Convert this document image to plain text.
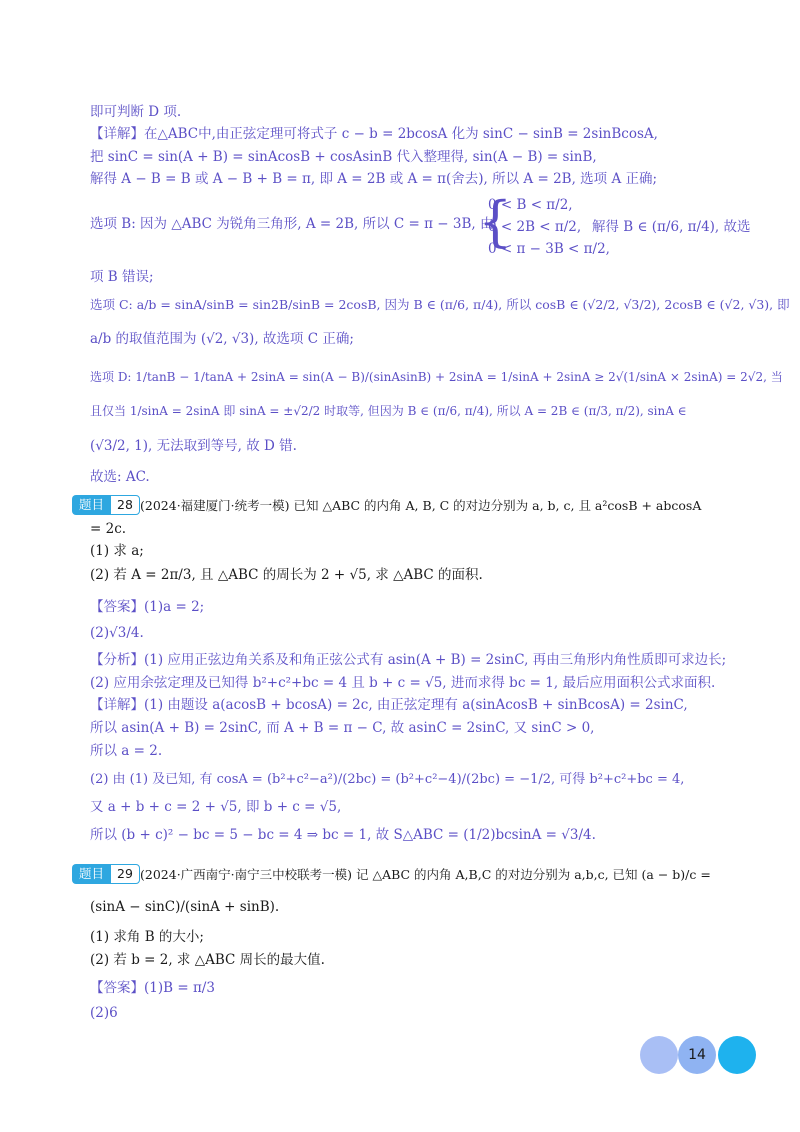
即可判断 D 项.
【详解】在△ABC中,由正弦定理可将式子 c − b = 2bcosA 化为 sinC − sinB = 2sinBcosA,
把 sinC = sin(A + B) = sinAcosB + cosAsinB 代入整理得, sin(A − B) = sinB,
解得 A − B = B 或 A − B + B = π, 即 A = 2B 或 A = π(舍去), 所以 A = 2B, 选项 A 正确;
选项 B: 因为 △ABC 为锐角三角形, A = 2B, 所以 C = π − 3B, 由
{
0 < B < π/2,
0 < 2B < π/2,
0 < π − 3B < π/2,
解得 B ∈ (π/6, π/4), 故选
项 B 错误;
选项 C: a/b = sinA/sinB = sin2B/sinB = 2cosB, 因为 B ∈ (π/6, π/4), 所以 cosB ∈ (√2/2, √3/2), 2cosB ∈ (√2, √3), 即
a/b 的取值范围为 (√2, √3), 故选项 C 正确;
选项 D: 1/tanB − 1/tanA + 2sinA = sin(A − B)/(sinAsinB) + 2sinA = 1/sinA + 2sinA ≥ 2√(1/sinA × 2sinA) = 2√2, 当
且仅当 1/sinA = 2sinA 即 sinA = ±√2/2 时取等, 但因为 B ∈ (π/6, π/4), 所以 A = 2B ∈ (π/3, π/2), sinA ∈
(√3/2, 1), 无法取到等号, 故 D 错.
故选: AC.
题目	28 (2024·福建厦门·统考一模) 已知 △ABC 的内角 A, B, C 的对边分别为 a, b, c, 且 a²cosB + abcosA
= 2c.
(1) 求 a;
(2) 若 A = 2π/3, 且 △ABC 的周长为 2 + √5, 求 △ABC 的面积.
【答案】(1)a = 2;
(2)√3/4.
【分析】(1) 应用正弦边角关系及和角正弦公式有 asin(A + B) = 2sinC, 再由三角形内角性质即可求边长;
(2) 应用余弦定理及已知得 b²+c²+bc = 4 且 b + c = √5, 进而求得 bc = 1, 最后应用面积公式求面积.
【详解】(1) 由题设 a(acosB + bcosA) = 2c, 由正弦定理有 a(sinAcosB + sinBcosA) = 2sinC,
所以 asin(A + B) = 2sinC, 而 A + B = π − C, 故 asinC = 2sinC, 又 sinC > 0,
所以 a = 2.
(2) 由 (1) 及已知, 有 cosA = (b²+c²−a²)/(2bc) = (b²+c²−4)/(2bc) = −1/2, 可得 b²+c²+bc = 4,
又 a + b + c = 2 + √5, 即 b + c = √5,
所以 (b + c)² − bc = 5 − bc = 4 ⇒ bc = 1, 故 S△ABC = (1/2)bcsinA = √3/4.
题目	29 (2024·广西南宁·南宁三中校联考一模) 记 △ABC 的内角 A,B,C 的对边分别为 a,b,c, 已知 (a − b)/c =
(sinA − sinC)/(sinA + sinB).
(1) 求角 B 的大小;
(2) 若 b = 2, 求 △ABC 周长的最大值.
【答案】(1)B = π/3
(2)6
14
